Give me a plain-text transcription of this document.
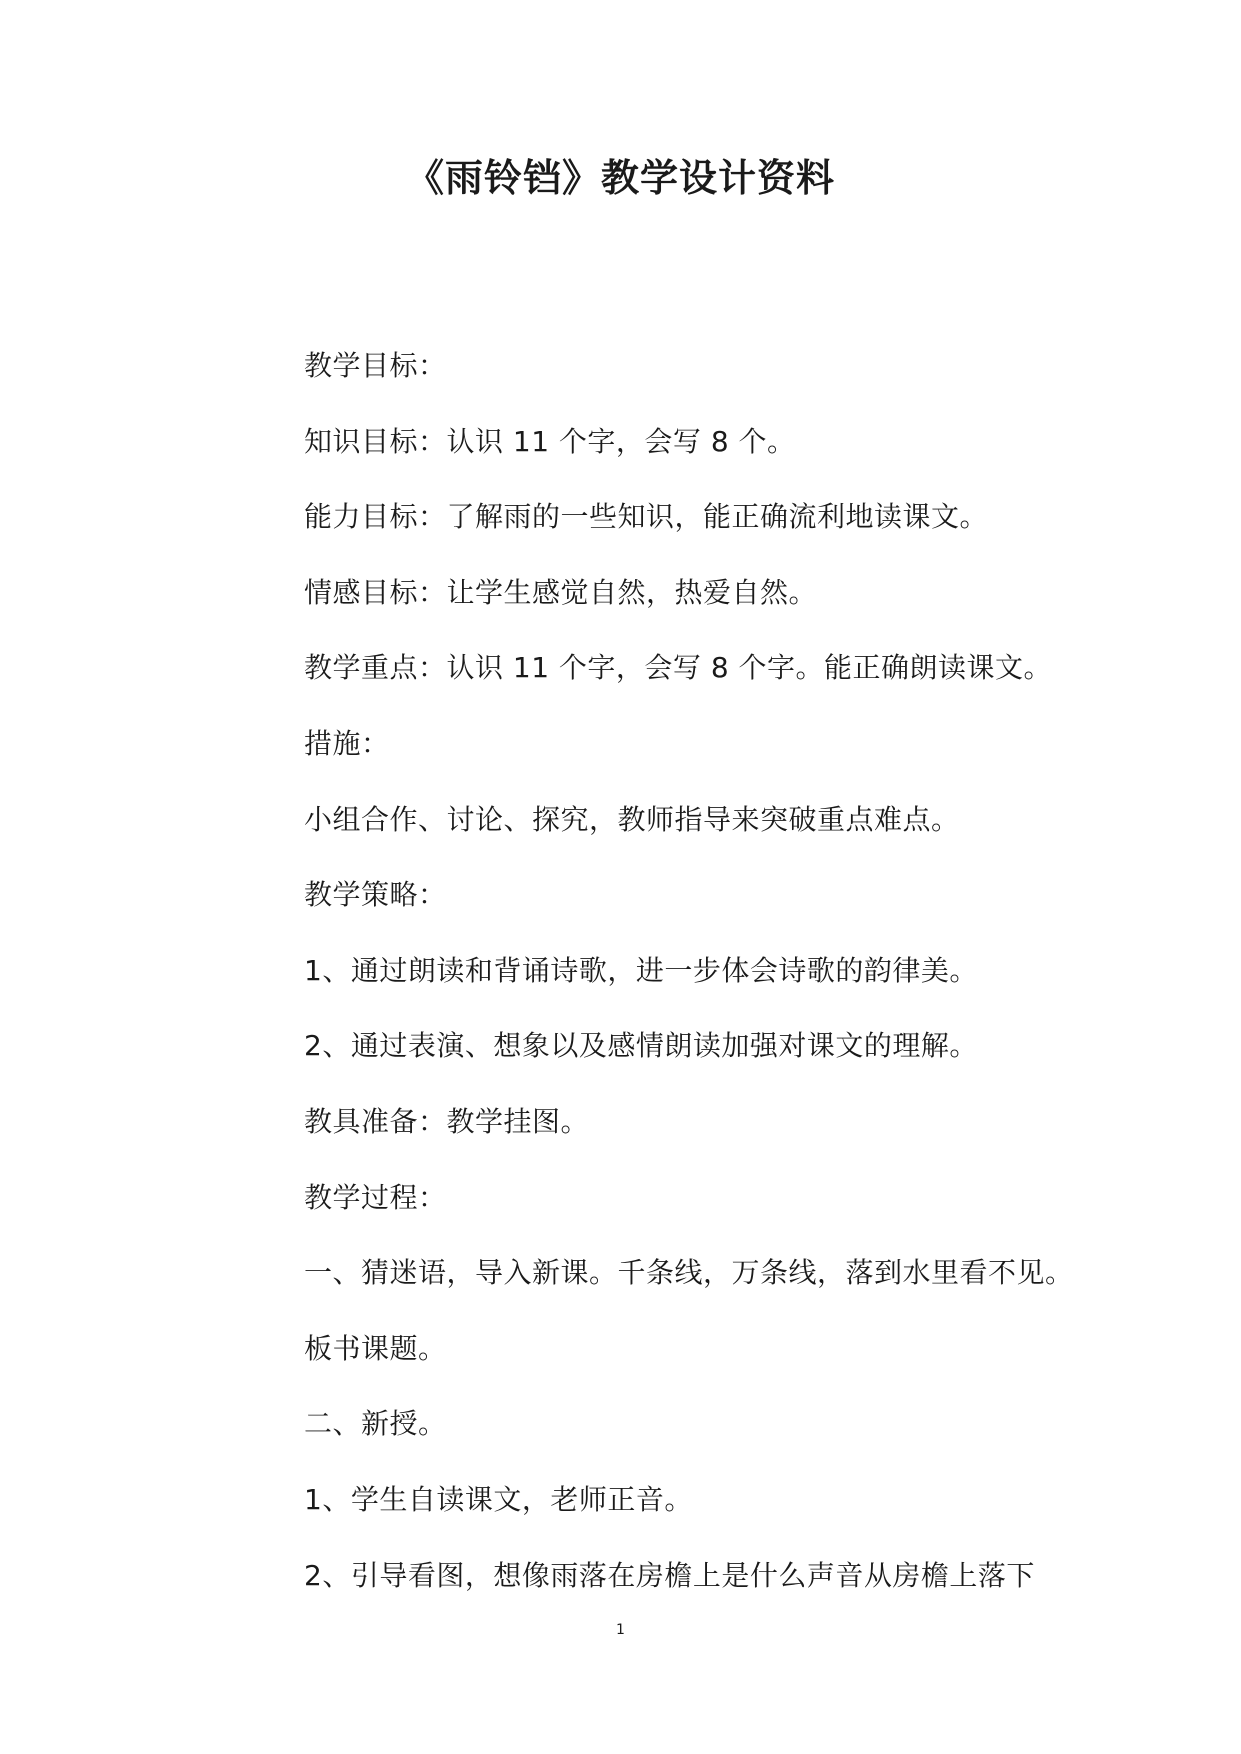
《雨铃铛》教学设计资料

教学目标：

知识目标：认识 11 个字，会写 8 个。

能力目标：了解雨的一些知识，能正确流利地读课文。

情感目标：让学生感觉自然，热爱自然。

教学重点：认识 11 个字，会写 8 个字。能正确朗读课文。

措施：

小组合作、讨论、探究，教师指导来突破重点难点。

教学策略：

1、通过朗读和背诵诗歌，进一步体会诗歌的韵律美。

2、通过表演、想象以及感情朗读加强对课文的理解。

教具准备：教学挂图。

教学过程：

一、猜迷语，导入新课。千条线，万条线，落到水里看不见。

板书课题。

二、新授。

1、学生自读课文，老师正音。

2、引导看图，想像雨落在房檐上是什么声音从房檐上落下

1
